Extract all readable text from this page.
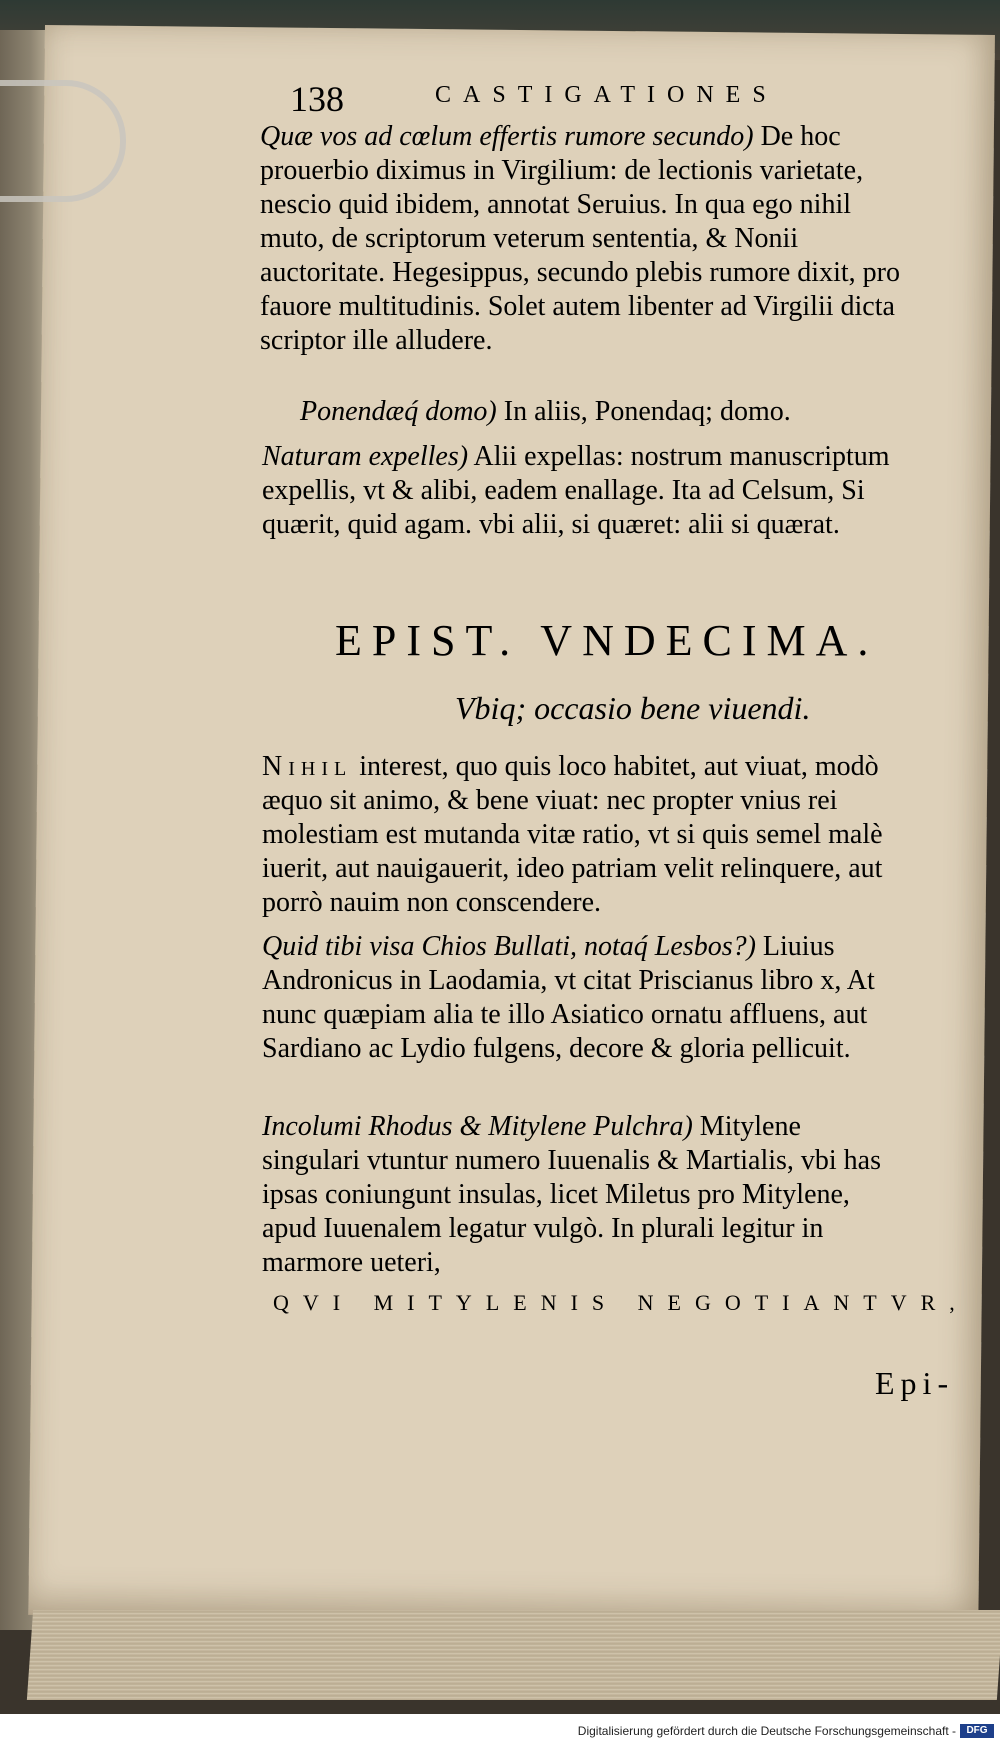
138	CASTIGATIONES
Quæ vos ad cœlum effertis rumore secundo) De hoc prouerbio diximus in Virgilium: de lectionis varietate, nescio quid ibidem, annotat Seruius. In qua ego nihil muto, de scriptorum veterum sententia, & Nonii auctoritate. Hegesippus, secundo plebis rumore dixit, pro fauore multitudinis. Solet autem libenter ad Virgilii dicta scriptor ille alludere.
Ponendæq́ domo) In aliis, Ponendaq; domo.
Naturam expelles) Alii expellas: nostrum manuscriptum expellis, vt & alibi, eadem enallage. Ita ad Celsum, Si quærit, quid agam. vbi alii, si quæret: alii si quærat.
EPIST. VNDECIMA.
Vbiq; occasio bene viuendi.
Nihil interest, quo quis loco habitet, aut viuat, modò æquo sit animo, & bene viuat: nec propter vnius rei molestiam est mutanda vitæ ratio, vt si quis semel malè iuerit, aut nauigauerit, ideo patriam velit relinquere, aut porrò nauim non conscendere.
Quid tibi visa Chios Bullati, notaq́ Lesbos?) Liuius Andronicus in Laodamia, vt citat Priscianus libro x, At nunc quæpiam alia te illo Asiatico ornatu affluens, aut Sardiano ac Lydio fulgens, decore & gloria pellicuit.
Incolumi Rhodus & Mitylene Pulchra) Mitylene singulari vtuntur numero Iuuenalis & Martialis, vbi has ipsas coniungunt insulas, licet Miletus pro Mitylene, apud Iuuenalem legatur vulgò. In plurali legitur in marmore ueteri,
QVI MITYLENIS NEGOTIANTVR,
Epi-
Digitalisierung gefördert durch die Deutsche Forschungsgemeinschaft -	DFG
